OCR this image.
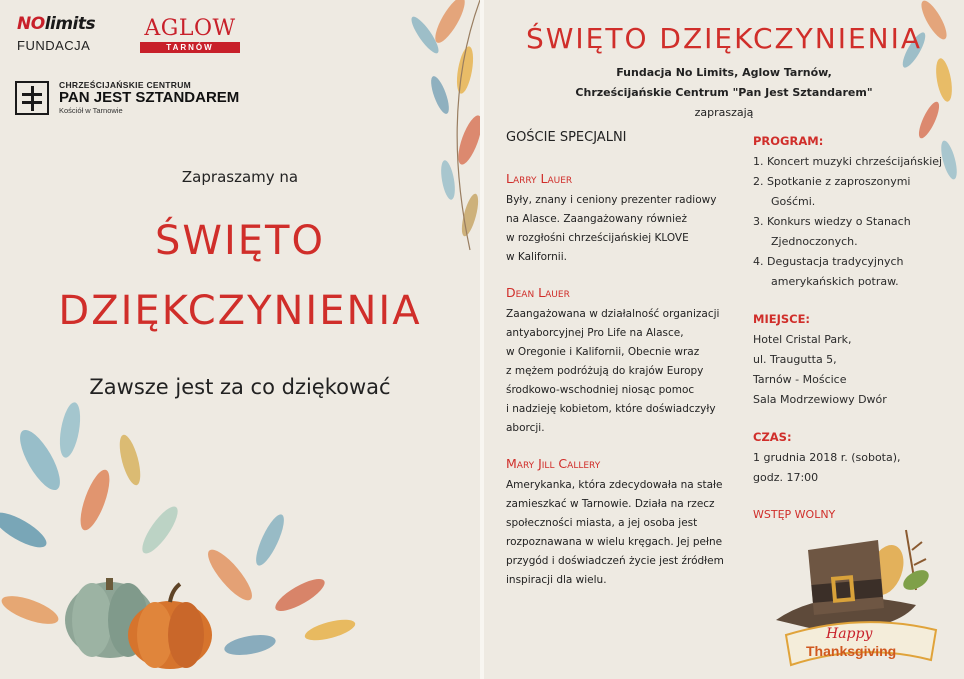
NOlimits
FUNDACJA
AGLOW
TARNÓW
CHRZEŚCIJAŃSKIE CENTRUM
PAN JEST SZTANDAREM
Kościół w Tarnowie
Zapraszamy na
ŚWIĘTO
DZIĘKCZYNIENIA
Zawsze jest za co dziękować
ŚWIĘTO DZIĘKCZYNIENIA
Fundacja No Limits, Aglow Tarnów,
Chrześcijańskie Centrum "Pan Jest Sztandarem"
zapraszają
GOŚCIE SPECJALNI
Larry Lauer
Były, znany i ceniony prezenter radiowy
na Alasce. Zaangażowany również
w rozgłośni chrześcijańskiej KLOVE
w Kalifornii.
Dean Lauer
Zaangażowana w działalność organizacji
antyaborcyjnej Pro Life na Alasce,
w Oregonie i Kalifornii, Obecnie wraz
z mężem podróżują do krajów Europy
środkowo-wschodniej niosąc pomoc
i nadzieję kobietom, które doświadczyły
aborcji.
Mary Jill Callery
Amerykanka, która zdecydowała na stałe
zamieszkać w Tarnowie. Działa na rzecz
społeczności miasta, a jej osoba jest
rozpoznawana w wielu kręgach. Jej pełne
przygód i doświadczeń życie jest źródłem
inspiracji dla wielu.
PROGRAM:
1. Koncert muzyki chrześcijańskiej
2. Spotkanie z zaproszonymi Gośćmi.
3. Konkurs wiedzy o Stanach Zjednoczonych.
4. Degustacja tradycyjnych amerykańskich potraw.
MIEJSCE:
Hotel Cristal Park,
ul. Traugutta 5,
Tarnów - Mościce
Sala Modrzewiowy Dwór
CZAS:
1 grudnia 2018 r. (sobota),
godz. 17:00
WSTĘP WOLNY
Happy
Thanksgiving
